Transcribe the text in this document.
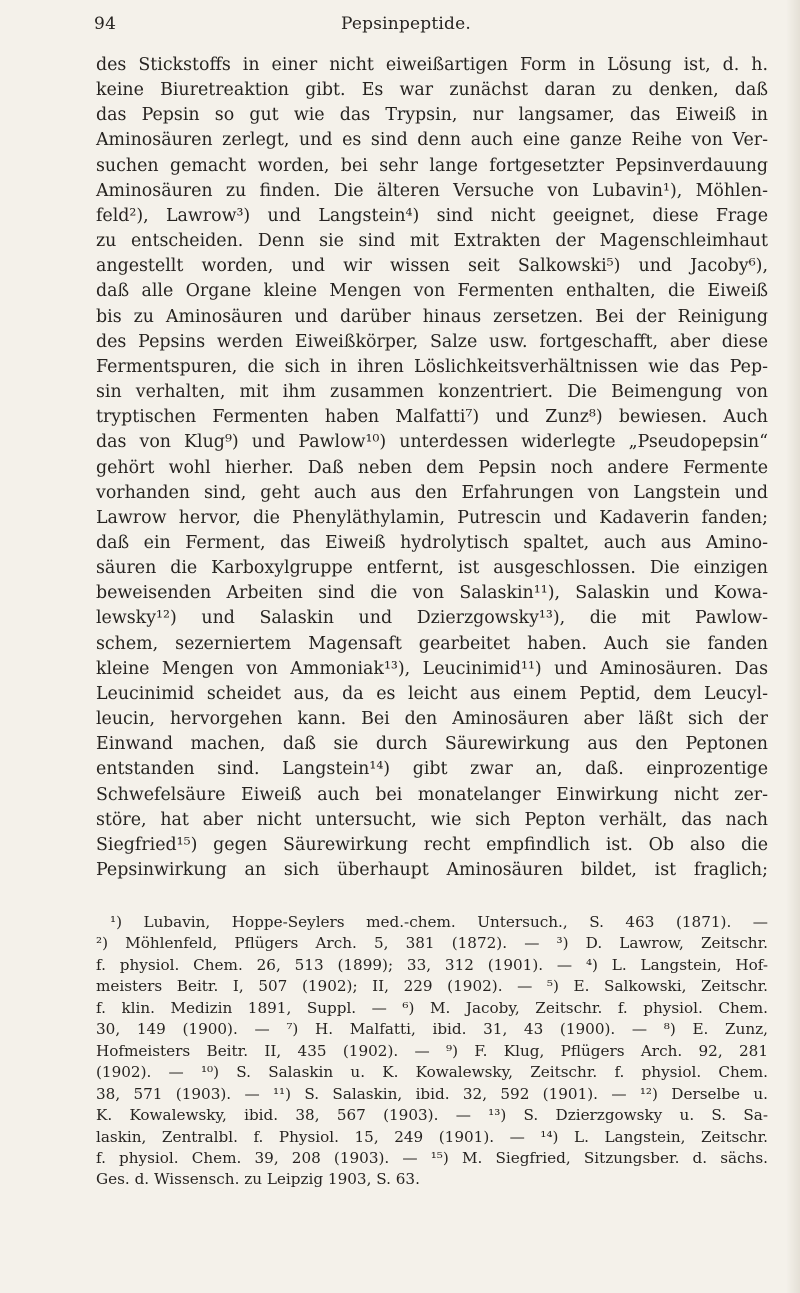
94	Pepsinpeptide.
des Stickstoffs in einer nicht eiweißartigen Form in Lösung ist, d. h.
keine Biuretreaktion gibt. Es war zunächst daran zu denken, daß
das Pepsin so gut wie das Trypsin, nur langsamer, das Eiweiß in
Aminosäuren zerlegt, und es sind denn auch eine ganze Reihe von Ver-
suchen gemacht worden, bei sehr lange fortgesetzter Pepsinverdauung
Aminosäuren zu finden. Die älteren Versuche von Lubavin¹), Möhlen-
feld²), Lawrow³) und Langstein⁴) sind nicht geeignet, diese Frage
zu entscheiden. Denn sie sind mit Extrakten der Magenschleimhaut
angestellt worden, und wir wissen seit Salkowski⁵) und Jacoby⁶),
daß alle Organe kleine Mengen von Fermenten enthalten, die Eiweiß
bis zu Aminosäuren und darüber hinaus zersetzen. Bei der Reinigung
des Pepsins werden Eiweißkörper, Salze usw. fortgeschafft, aber diese
Fermentspuren, die sich in ihren Löslichkeitsverhältnissen wie das Pep-
sin verhalten, mit ihm zusammen konzentriert. Die Beimengung von
tryptischen Fermenten haben Malfatti⁷) und Zunz⁸) bewiesen. Auch
das von Klug⁹) und Pawlow¹⁰) unterdessen widerlegte „Pseudopepsin“
gehört wohl hierher. Daß neben dem Pepsin noch andere Fermente
vorhanden sind, geht auch aus den Erfahrungen von Langstein und
Lawrow hervor, die Phenyläthylamin, Putrescin und Kadaverin fanden;
daß ein Ferment, das Eiweiß hydrolytisch spaltet, auch aus Amino-
säuren die Karboxylgruppe entfernt, ist ausgeschlossen. Die einzigen
beweisenden Arbeiten sind die von Salaskin¹¹), Salaskin und Kowa-
lewsky¹²) und Salaskin und Dzierzgowsky¹³), die mit Pawlow-
schem, sezerniertem Magensaft gearbeitet haben. Auch sie fanden
kleine Mengen von Ammoniak¹³), Leucinimid¹¹) und Aminosäuren. Das
Leucinimid scheidet aus, da es leicht aus einem Peptid, dem Leucyl-
leucin, hervorgehen kann. Bei den Aminosäuren aber läßt sich der
Einwand machen, daß sie durch Säurewirkung aus den Peptonen
entstanden sind. Langstein¹⁴) gibt zwar an, daß. einprozentige
Schwefelsäure Eiweiß auch bei monatelanger Einwirkung nicht zer-
störe, hat aber nicht untersucht, wie sich Pepton verhält, das nach
Siegfried¹⁵) gegen Säurewirkung recht empfindlich ist. Ob also die
Pepsinwirkung an sich überhaupt Aminosäuren bildet, ist fraglich;
¹) Lubavin, Hoppe-Seylers med.-chem. Untersuch., S. 463 (1871). —
²) Möhlenfeld, Pflügers Arch. 5, 381 (1872). — ³) D. Lawrow, Zeitschr.
f. physiol. Chem. 26, 513 (1899); 33, 312 (1901). — ⁴) L. Langstein, Hof-
meisters Beitr. I, 507 (1902); II, 229 (1902). — ⁵) E. Salkowski, Zeitschr.
f. klin. Medizin 1891, Suppl. — ⁶) M. Jacoby, Zeitschr. f. physiol. Chem.
30, 149 (1900). — ⁷) H. Malfatti, ibid. 31, 43 (1900). — ⁸) E. Zunz,
Hofmeisters Beitr. II, 435 (1902). — ⁹) F. Klug, Pflügers Arch. 92, 281
(1902). — ¹⁰) S. Salaskin u. K. Kowalewsky, Zeitschr. f. physiol. Chem.
38, 571 (1903). — ¹¹) S. Salaskin, ibid. 32, 592 (1901). — ¹²) Derselbe u.
K. Kowalewsky, ibid. 38, 567 (1903). — ¹³) S. Dzierzgowsky u. S. Sa-
laskin, Zentralbl. f. Physiol. 15, 249 (1901). — ¹⁴) L. Langstein, Zeitschr.
f. physiol. Chem. 39, 208 (1903). — ¹⁵) M. Siegfried, Sitzungsber. d. sächs.
Ges. d. Wissensch. zu Leipzig 1903, S. 63.
